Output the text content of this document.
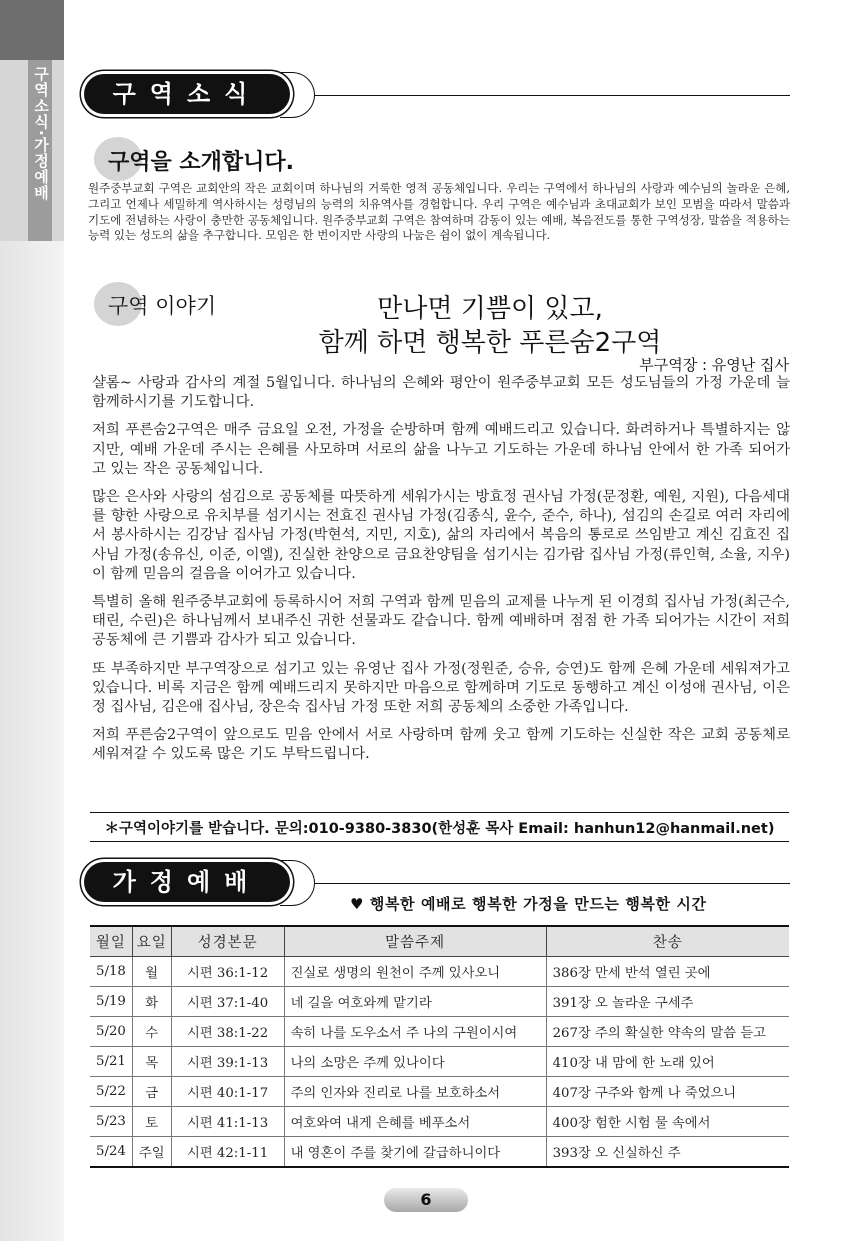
구역소식·가정예배	구역소식
구역을 소개합니다.
원주중부교회 구역은 교회안의 작은 교회이며 하나님의 거룩한 영적 공동체입니다. 우리는 구역에서 하나님의 사랑과 예수님의 놀라운 은혜, 그리고 언제나 세밀하게 역사하시는 성령님의 능력의 치유역사를 경험합니다. 우리 구역은 예수님과 초대교회가 보인 모범을 따라서 말씀과 기도에 전념하는 사랑이 충만한 공동체입니다. 원주중부교회 구역은 참여하며 감동이 있는 예배, 복음전도를 통한 구역성장, 말씀을 적용하는 능력 있는 성도의 삶을 추구합니다. 모임은 한 번이지만 사랑의 나눔은 쉼이 없이 계속됩니다.
구역 이야기	만나면 기쁨이 있고,
함께 하면 행복한 푸른숨2구역
부구역장 : 유영난 집사

샬롬~ 사랑과 감사의 계절 5월입니다. 하나님의 은혜와 평안이 원주중부교회 모든 성도님들의 가정 가운데 늘 함께하시기를 기도합니다.

저희 푸른숨2구역은 매주 금요일 오전, 가정을 순방하며 함께 예배드리고 있습니다. 화려하거나 특별하지는 않지만, 예배 가운데 주시는 은혜를 사모하며 서로의 삶을 나누고 기도하는 가운데 하나님 안에서 한 가족 되어가고 있는 작은 공동체입니다.

많은 은사와 사랑의 섬김으로 공동체를 따뜻하게 세워가시는 방효정 권사님 가정(문정환, 예원, 지원), 다음세대를 향한 사랑으로 유치부를 섬기시는 전효진 권사님 가정(김종식, 윤수, 준수, 하나), 섬김의 손길로 여러 자리에서 봉사하시는 김강남 집사님 가정(박현석, 지민, 지호), 삶의 자리에서 복음의 통로로 쓰임받고 계신 김효진 집사님 가정(송유신, 이준, 이엘), 진실한 찬양으로 금요찬양팀을 섬기시는 김가람 집사님 가정(류인혁, 소율, 지우)이 함께 믿음의 걸음을 이어가고 있습니다.

특별히 올해 원주중부교회에 등록하시어 저희 구역과 함께 믿음의 교제를 나누게 된 이경희 집사님 가정(최근수, 태린, 수린)은 하나님께서 보내주신 귀한 선물과도 같습니다. 함께 예배하며 점점 한 가족 되어가는 시간이 저희 공동체에 큰 기쁨과 감사가 되고 있습니다.

또 부족하지만 부구역장으로 섬기고 있는 유영난 집사 가정(정원준, 승유, 승연)도 함께 은혜 가운데 세워져가고 있습니다. 비록 지금은 함께 예배드리지 못하지만 마음으로 함께하며 기도로 동행하고 계신 이성애 권사님, 이은정 집사님, 김은애 집사님, 장은숙 집사님 가정 또한 저희 공동체의 소중한 가족입니다.

저희 푸른숨2구역이 앞으로도 믿음 안에서 서로 사랑하며 함께 웃고 함께 기도하는 신실한 작은 교회 공동체로 세워져갈 수 있도록 많은 기도 부탁드립니다.

＊구역이야기를 받습니다. 문의:010-9380-3830(한성훈 목사 Email: hanhun12@hanmail.net)
가정예배
♥ 행복한 예배로 행복한 가정을 만드는 행복한 시간
월일	요일	성경본문	말씀주제	찬송
5/18	월	시편 36:1-12	진실로 생명의 원천이 주께 있사오니	386장 만세 반석 열린 곳에
5/19	화	시편 37:1-40	네 길을 여호와께 맡기라	391장 오 놀라운 구세주
5/20	수	시편 38:1-22	속히 나를 도우소서 주 나의 구원이시여	267장 주의 확실한 약속의 말씀 듣고
5/21	목	시편 39:1-13	나의 소망은 주께 있나이다	410장 내 맘에 한 노래 있어
5/22	금	시편 40:1-17	주의 인자와 진리로 나를 보호하소서	407장 구주와 함께 나 죽었으니
5/23	토	시편 41:1-13	여호와여 내게 은혜를 베푸소서	400장 험한 시험 물 속에서
5/24	주일	시편 42:1-11	내 영혼이 주를 찾기에 갈급하니이다	393장 오 신실하신 주
6
